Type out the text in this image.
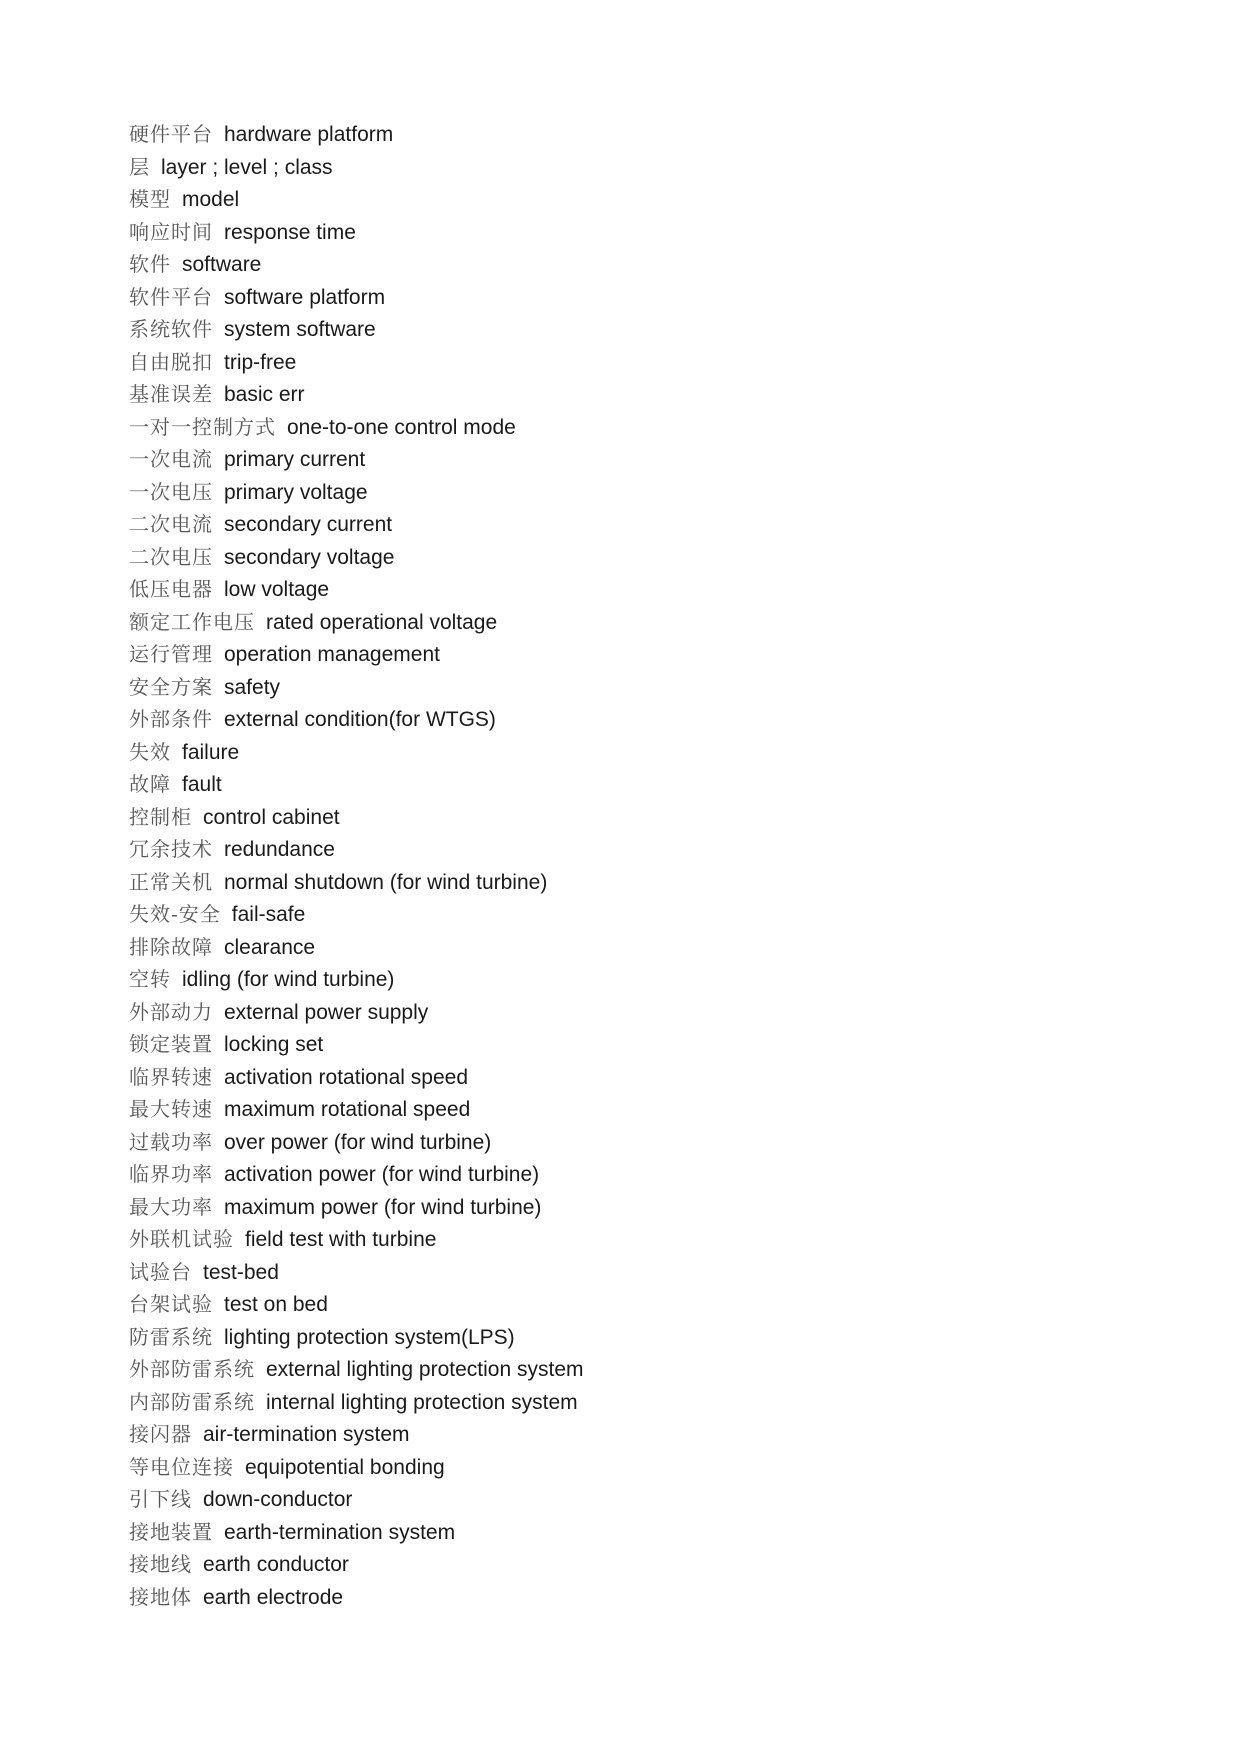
硬件平台 hardware platform
层 layer ; level ; class
模型 model
响应时间 response time
软件 software
软件平台 software platform
系统软件 system software
自由脱扣 trip-free
基准误差 basic err
一对一控制方式 one-to-one control mode
一次电流 primary current
一次电压 primary voltage
二次电流 secondary current
二次电压 secondary voltage
低压电器 low voltage
额定工作电压 rated operational voltage
运行管理 operation management
安全方案 safety
外部条件 external condition(for WTGS)
失效 failure
故障 fault
控制柜 control cabinet
冗余技术 redundance
正常关机 normal shutdown (for wind turbine)
失效-安全 fail-safe
排除故障 clearance
空转 idling (for wind turbine)
外部动力 external power supply
锁定装置 locking set
临界转速 activation rotational speed
最大转速 maximum rotational speed
过载功率 over power (for wind turbine)
临界功率 activation power (for wind turbine)
最大功率 maximum power (for wind turbine)
外联机试验 field test with turbine
试验台 test-bed
台架试验 test on bed
防雷系统 lighting protection system(LPS)
外部防雷系统 external lighting protection system
内部防雷系统 internal lighting protection system
接闪器 air-termination system
等电位连接 equipotential bonding
引下线 down-conductor
接地装置 earth-termination system
接地线 earth conductor
接地体 earth electrode
